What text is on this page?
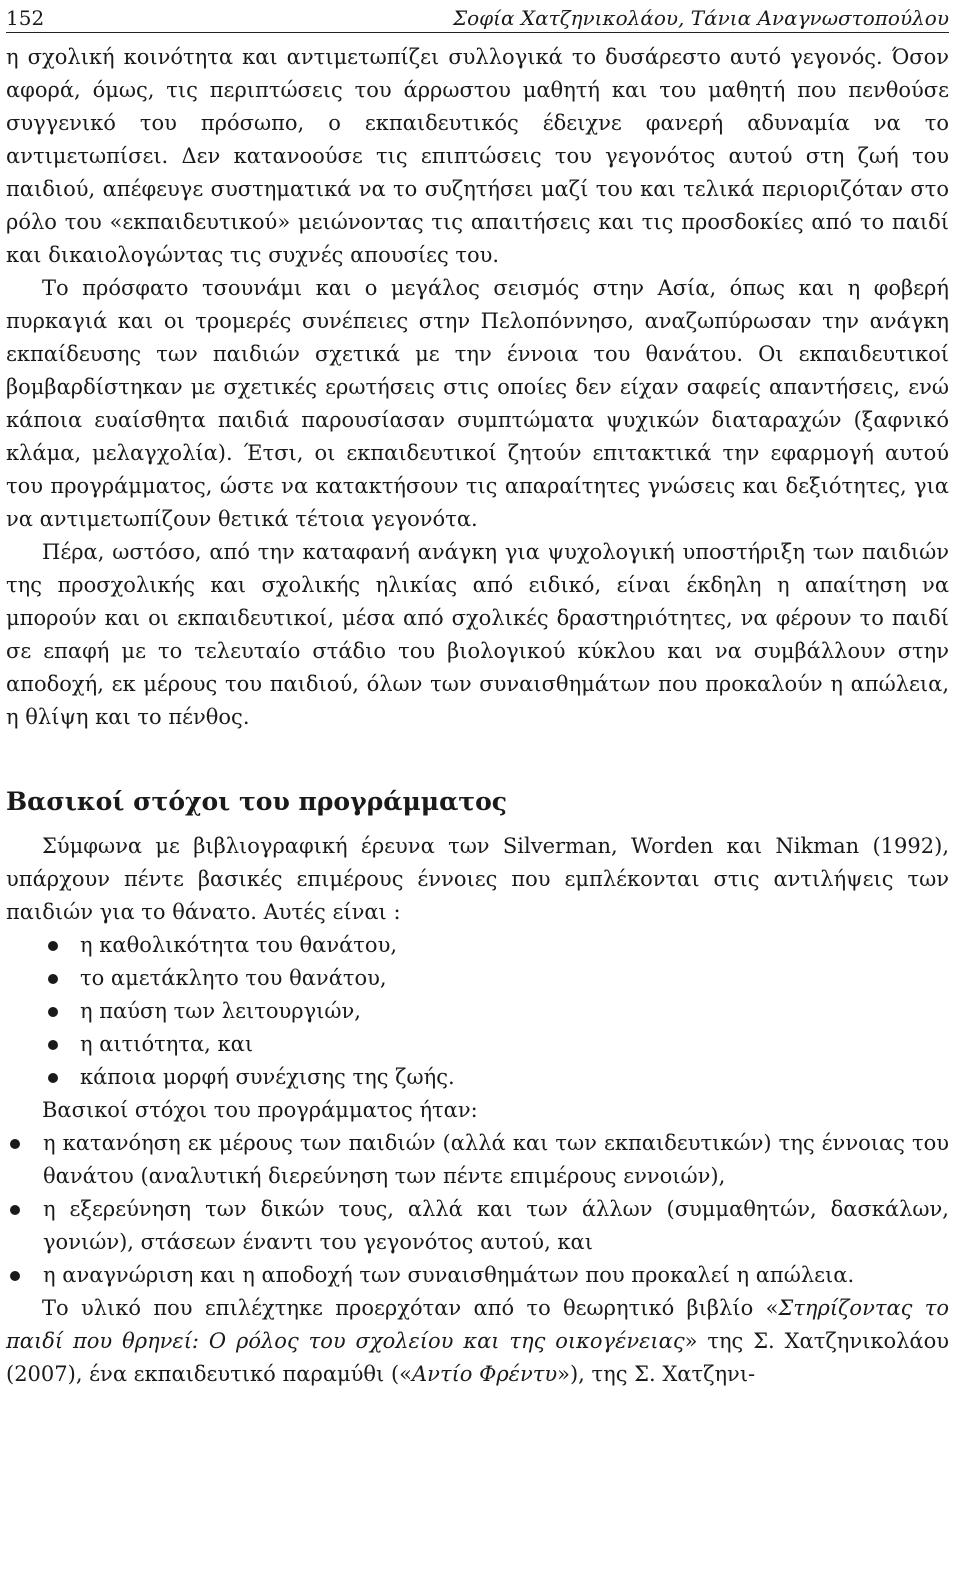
152	Σοφία Χατζηνικολάου, Τάνια Αναγνωστοπούλου

η σχολική κοινότητα και αντιμετωπίζει συλλογικά το δυσάρεστο αυτό γεγονός. Όσον αφορά, όμως, τις περιπτώσεις του άρρωστου μαθητή και του μαθητή που πενθούσε συγγενικό του πρόσωπο, ο εκπαιδευτικός έδειχνε φανερή αδυναμία να το αντιμετωπίσει. Δεν κατανοούσε τις επιπτώσεις του γεγονότος αυτού στη ζωή του παιδιού, απέφευγε συστηματικά να το συζητήσει μαζί του και τελικά περιοριζόταν στο ρόλο του «εκπαιδευτικού» μειώνοντας τις απαιτήσεις και τις προσδοκίες από το παιδί και δικαιολογώντας τις συχνές απουσίες του.

Το πρόσφατο τσουνάμι και ο μεγάλος σεισμός στην Ασία, όπως και η φοβερή πυρκαγιά και οι τρομερές συνέπειες στην Πελοπόννησο, αναζωπύρωσαν την ανάγκη εκπαίδευσης των παιδιών σχετικά με την έννοια του θανάτου. Οι εκπαιδευτικοί βομβαρδίστηκαν με σχετικές ερωτήσεις στις οποίες δεν είχαν σαφείς απαντήσεις, ενώ κάποια ευαίσθητα παιδιά παρουσίασαν συμπτώματα ψυχικών διαταραχών (ξαφνικό κλάμα, μελαγχολία). Έτσι, οι εκπαιδευτικοί ζητούν επιτακτικά την εφαρμογή αυτού του προγράμματος, ώστε να κατακτήσουν τις απαραίτητες γνώσεις και δεξιότητες, για να αντιμετωπίζουν θετικά τέτοια γεγονότα.

Πέρα, ωστόσο, από την καταφανή ανάγκη για ψυχολογική υποστήριξη των παιδιών της προσχολικής και σχολικής ηλικίας από ειδικό, είναι έκδηλη η απαίτηση να μπορούν και οι εκπαιδευτικοί, μέσα από σχολικές δραστηριότητες, να φέρουν το παιδί σε επαφή με το τελευταίο στάδιο του βιολογικού κύκλου και να συμβάλλουν στην αποδοχή, εκ μέρους του παιδιού, όλων των συναισθημάτων που προκαλούν η απώλεια, η θλίψη και το πένθος.

Βασικοί στόχοι του προγράμματος

Σύμφωνα με βιβλιογραφική έρευνα των Silverman, Worden και Nikman (1992), υπάρχουν πέντε βασικές επιμέρους έννοιες που εμπλέκονται στις αντιλήψεις των παιδιών για το θάνατο. Αυτές είναι :

η καθολικότητα του θανάτου,
το αμετάκλητο του θανάτου,
η παύση των λειτουργιών,
η αιτιότητα, και
κάποια μορφή συνέχισης της ζωής.

Βασικοί στόχοι του προγράμματος ήταν:

η κατανόηση εκ μέρους των παιδιών (αλλά και των εκπαιδευτικών) της έννοιας του θανάτου (αναλυτική διερεύνηση των πέντε επιμέρους εννοιών),
η εξερεύνηση των δικών τους, αλλά και των άλλων (συμμαθητών, δασκάλων, γονιών), στάσεων έναντι του γεγονότος αυτού, και
η αναγνώριση και η αποδοχή των συναισθημάτων που προκαλεί η απώλεια.

Το υλικό που επιλέχτηκε προερχόταν από το θεωρητικό βιβλίο «Στηρίζοντας το παιδί που θρηνεί: Ο ρόλος του σχολείου και της οικογένειας» της Σ. Χατζηνικολάου (2007), ένα εκπαιδευτικό παραμύθι («Αντίο Φρέντυ»), της Σ. Χατζηνι-
